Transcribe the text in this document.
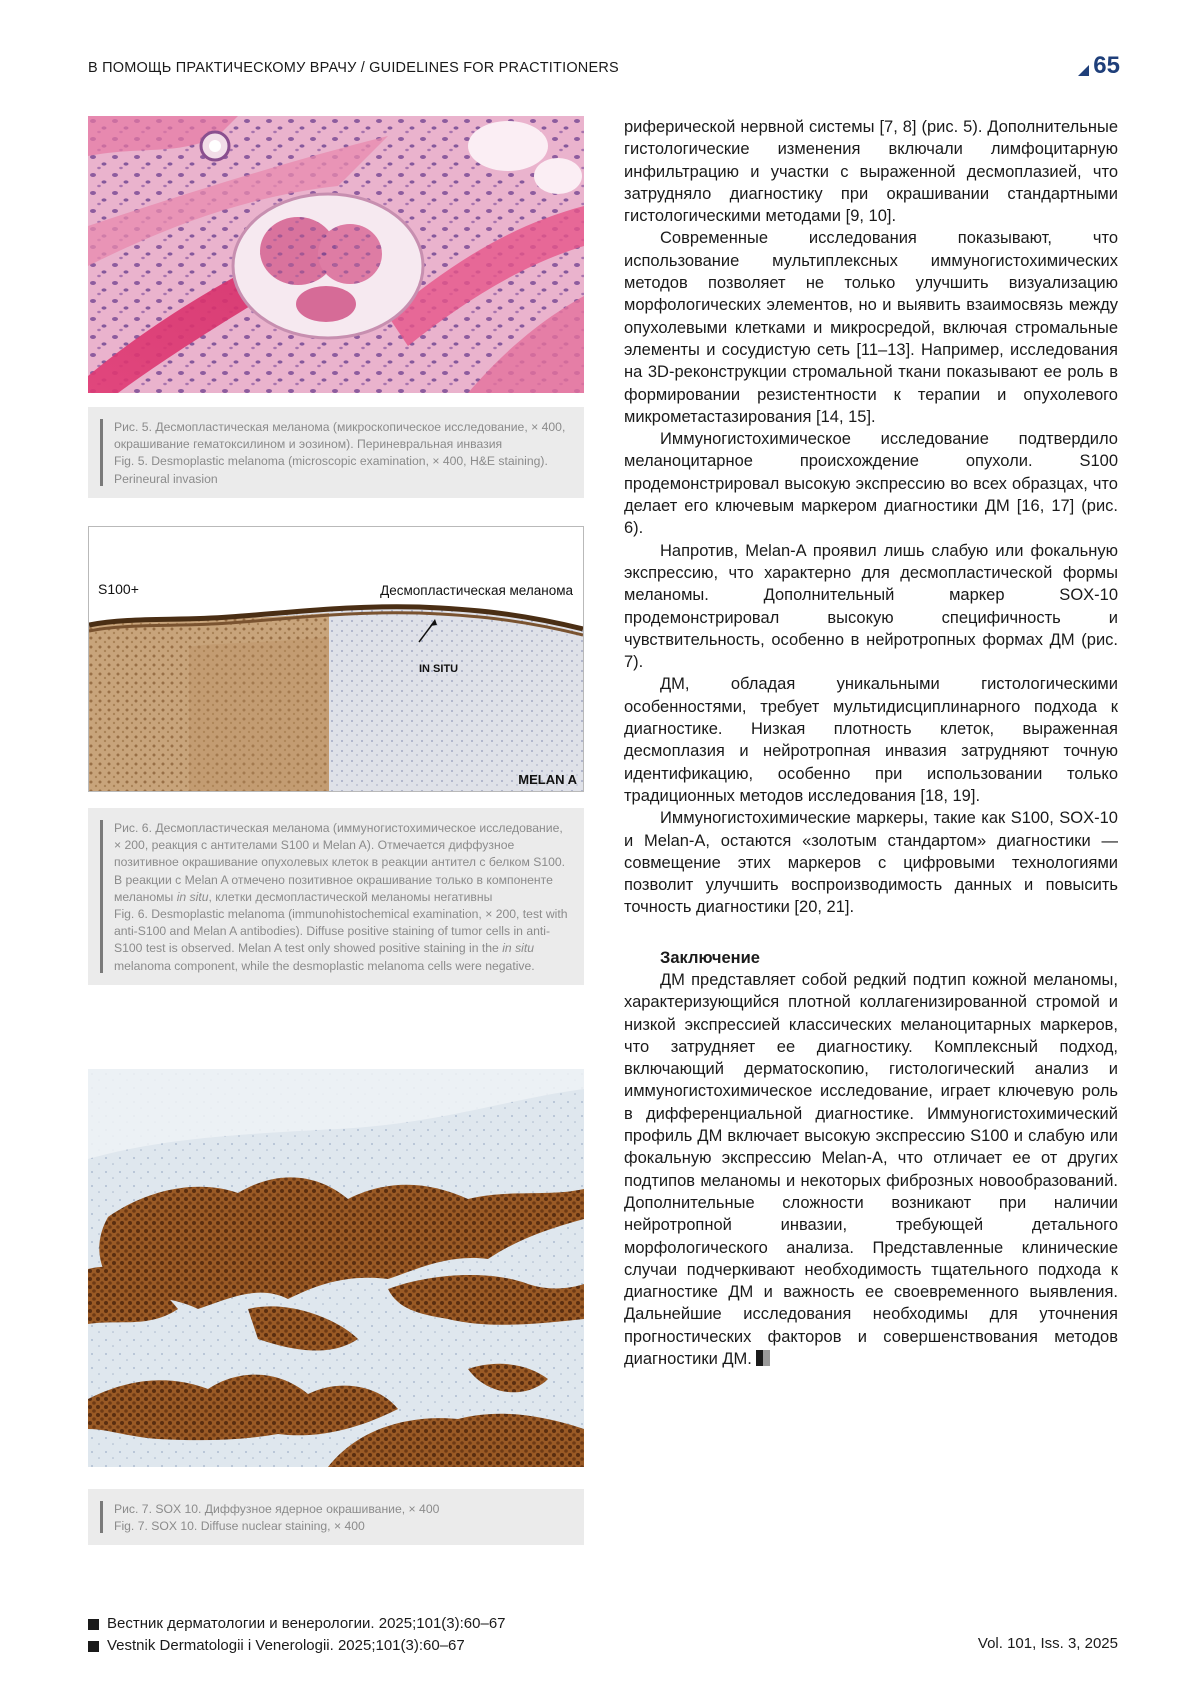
В ПОМОЩЬ ПРАКТИЧЕСКОМУ ВРАЧУ / GUIDELINES FOR PRACTITIONERS	65

Рис. 5. Десмопластическая меланома (микроскопическое исследование, × 400, окрашивание гематоксилином и эозином). Периневральная инвазия

Fig. 5. Desmoplastic melanoma (microscopic examination, × 400, H&E staining). Perineural invasion

S100+	Десмопластическая меланома
IN SITU
MELAN A

Рис. 6. Десмопластическая меланома (иммуногистохимическое исследование, × 200, реакция с антителами S100 и Melan A). Отмечается диффузное позитивное окрашивание опухолевых клеток в реакции антител с белком S100. В реакции с Melan A отмечено позитивное окрашивание только в компоненте меланомы in situ, клетки десмопластической меланомы негативны

Fig. 6. Desmoplastic melanoma (immunohistochemical examination, × 200, test with anti-S100 and Melan A antibodies). Diffuse positive staining of tumor cells in anti-S100 test is observed. Melan A test only showed positive staining in the in situ melanoma component, while the desmoplastic melanoma cells were negative.

Рис. 7. SOX 10. Диффузное ядерное окрашивание, × 400

Fig. 7. SOX 10. Diffuse nuclear staining, × 400

риферической нервной системы [7, 8] (рис. 5). Дополнительные гистологические изменения включали лимфоцитарную инфильтрацию и участки с выраженной десмоплазией, что затрудняло диагностику при окрашивании стандартными гистологическими методами [9, 10].

Современные исследования показывают, что использование мультиплексных иммуногистохимических методов позволяет не только улучшить визуализацию морфологических элементов, но и выявить взаимосвязь между опухолевыми клетками и микросредой, включая стромальные элементы и сосудистую сеть [11–13]. Например, исследования на 3D-реконструкции стромальной ткани показывают ее роль в формировании резистентности к терапии и опухолевого микрометастазирования [14, 15].

Иммуногистохимическое исследование подтвердило меланоцитарное происхождение опухоли. S100 продемонстрировал высокую экспрессию во всех образцах, что делает его ключевым маркером диагностики ДМ [16, 17] (рис. 6).

Напротив, Melan-A проявил лишь слабую или фокальную экспрессию, что характерно для десмопластической формы меланомы. Дополнительный маркер SOX-10 продемонстрировал высокую специфичность и чувствительность, особенно в нейротропных формах ДМ (рис. 7).

ДМ, обладая уникальными гистологическими особенностями, требует мультидисциплинарного подхода к диагностике. Низкая плотность клеток, выраженная десмоплазия и нейротропная инвазия затрудняют точную идентификацию, особенно при использовании только традиционных методов исследования [18, 19].

Иммуногистохимические маркеры, такие как S100, SOX-10 и Melan-A, остаются «золотым стандартом» диагностики — совмещение этих маркеров с цифровыми технологиями позволит улучшить воспроизводимость данных и повысить точность диагностики [20, 21].

Заключение

ДМ представляет собой редкий подтип кожной меланомы, характеризующийся плотной коллагенизированной стромой и низкой экспрессией классических меланоцитарных маркеров, что затрудняет ее диагностику. Комплексный подход, включающий дерматоскопию, гистологический анализ и иммуногистохимическое исследование, играет ключевую роль в дифференциальной диагностике. Иммуногистохимический профиль ДМ включает высокую экспрессию S100 и слабую или фокальную экспрессию Melan-A, что отличает ее от других подтипов меланомы и некоторых фиброзных новообразований. Дополнительные сложности возникают при наличии нейротропной инвазии, требующей детального морфологического анализа. Представленные клинические случаи подчеркивают необходимость тщательного подхода к диагностике ДМ и важность ее своевременного выявления. Дальнейшие исследования необходимы для уточнения прогностических факторов и совершенствования методов диагностики ДМ.

Вестник дерматологии и венерологии. 2025;101(3):60–67
Vestnik Dermatologii i Venerologii. 2025;101(3):60–67	Vol. 101, Iss. 3, 2025
